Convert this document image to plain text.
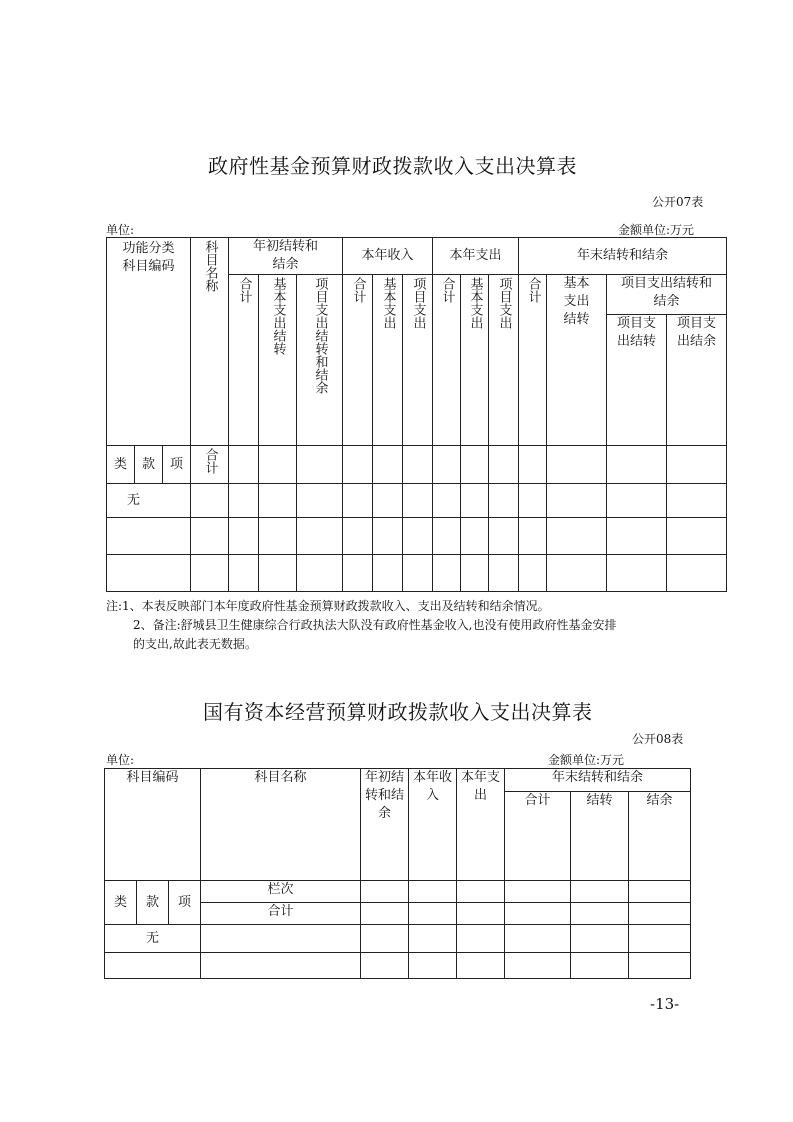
政府性基金预算财政拨款收入支出决算表
公开07表
单位:	金额单位:万元
功能分类科目编码			科目名称	年初结转和结余			本年收入			本年支出			年末结转和结余			
				合计	基本支出结转	项目支出结转和结余	合计	基本支出	项目支出	合计	基本支出	项目支出	合计	基本支出结转	项目支出结转和结余	
															项目支出结转	项目支出结余
类	款	项	合计													
无																

注:1、本表反映部门本年度政府性基金预算财政拨款收入、支出及结转和结余情况。
2、备注:舒城县卫生健康综合行政执法大队没有政府性基金收入,也没有使用政府性基金安排
的支出,故此表无数据。
国有资本经营预算财政拨款收入支出决算表
公开08表
单位:	金额单位:万元
科目编码			科目名称	年初结转和结余	本年收入	本年支出	年末结转和结余		
							合计	结转	结余
类	款	项	栏次						
			合计						
无									

-13-
